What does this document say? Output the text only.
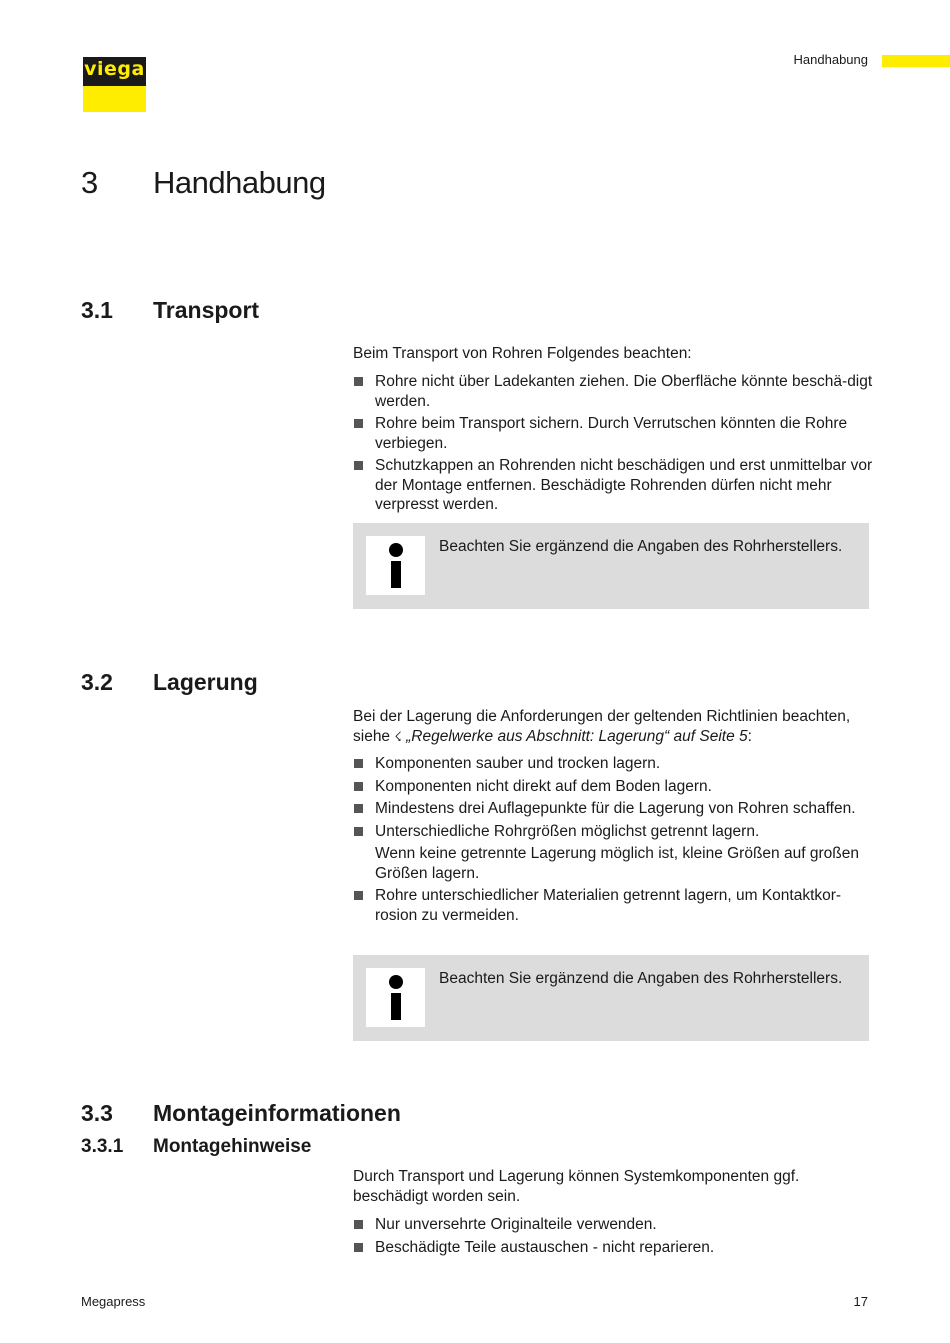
viega	Handhabung
3 Handhabung
3.1 Transport
Beim Transport von Rohren Folgendes beachten:
Rohre nicht über Ladekanten ziehen. Die Oberfläche könnte beschä-digt werden.
Rohre beim Transport sichern. Durch Verrutschen könnten die Rohre verbiegen.
Schutzkappen an Rohrenden nicht beschädigen und erst unmittelbar vor der Montage entfernen. Beschädigte Rohrenden dürfen nicht mehr verpresst werden.
Beachten Sie ergänzend die Angaben des Rohrherstellers.
3.2 Lagerung
Bei der Lagerung die Anforderungen der geltenden Richtlinien beachten, siehe ☇ „Regelwerke aus Abschnitt: Lagerung“ auf Seite 5:
Komponenten sauber und trocken lagern.
Komponenten nicht direkt auf dem Boden lagern.
Mindestens drei Auflagepunkte für die Lagerung von Rohren schaffen.
Unterschiedliche Rohrgrößen möglichst getrennt lagern.
Wenn keine getrennte Lagerung möglich ist, kleine Größen auf großen Größen lagern.
Rohre unterschiedlicher Materialien getrennt lagern, um Kontaktkor-rosion zu vermeiden.
Beachten Sie ergänzend die Angaben des Rohrherstellers.
3.3 Montageinformationen
3.3.1 Montagehinweise
Durch Transport und Lagerung können Systemkomponenten ggf. beschädigt worden sein.
Nur unversehrte Originalteile verwenden.
Beschädigte Teile austauschen - nicht reparieren.
Megapress	17
